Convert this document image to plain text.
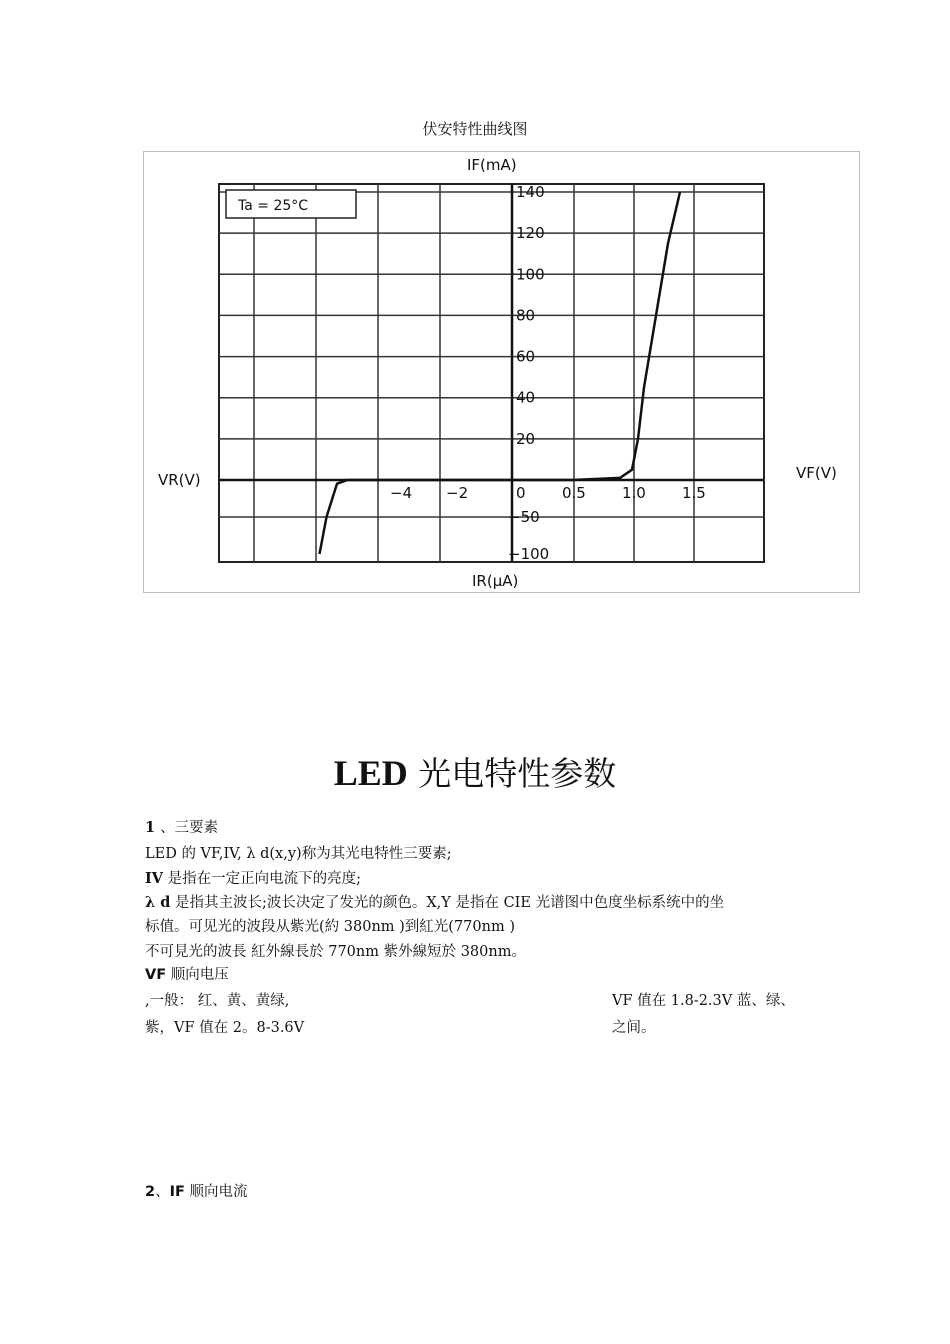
伏安特性曲线图
Ta = 25°C
140
120
100
80
60
40
20
−50
−100
0 0.5 1.0 1.5
−4 −2
IF(mA)
IR(μA)
VR(V)	VF(V)
LED 光电特性参数
1 、三要素
LED 的 VF,IV, λ d(x,y)称为其光电特性三要素;
IV 是指在一定正向电流下的亮度;
λ d 是指其主波长;波长决定了发光的颜色。X,Y 是指在 CIE 光谱图中色度坐标系统中的坐
标值。可见光的波段从紫光(約 380nm )到紅光(770nm )
不可見光的波長 紅外線長於 770nm 紫外線短於 380nm。
VF 顺向电压
,一般： 红、黄、黄绿,	VF 值在 1.8-2.3V 蓝、绿、
紫，VF 值在 2。8-3.6V	之间。
2、IF 顺向电流
